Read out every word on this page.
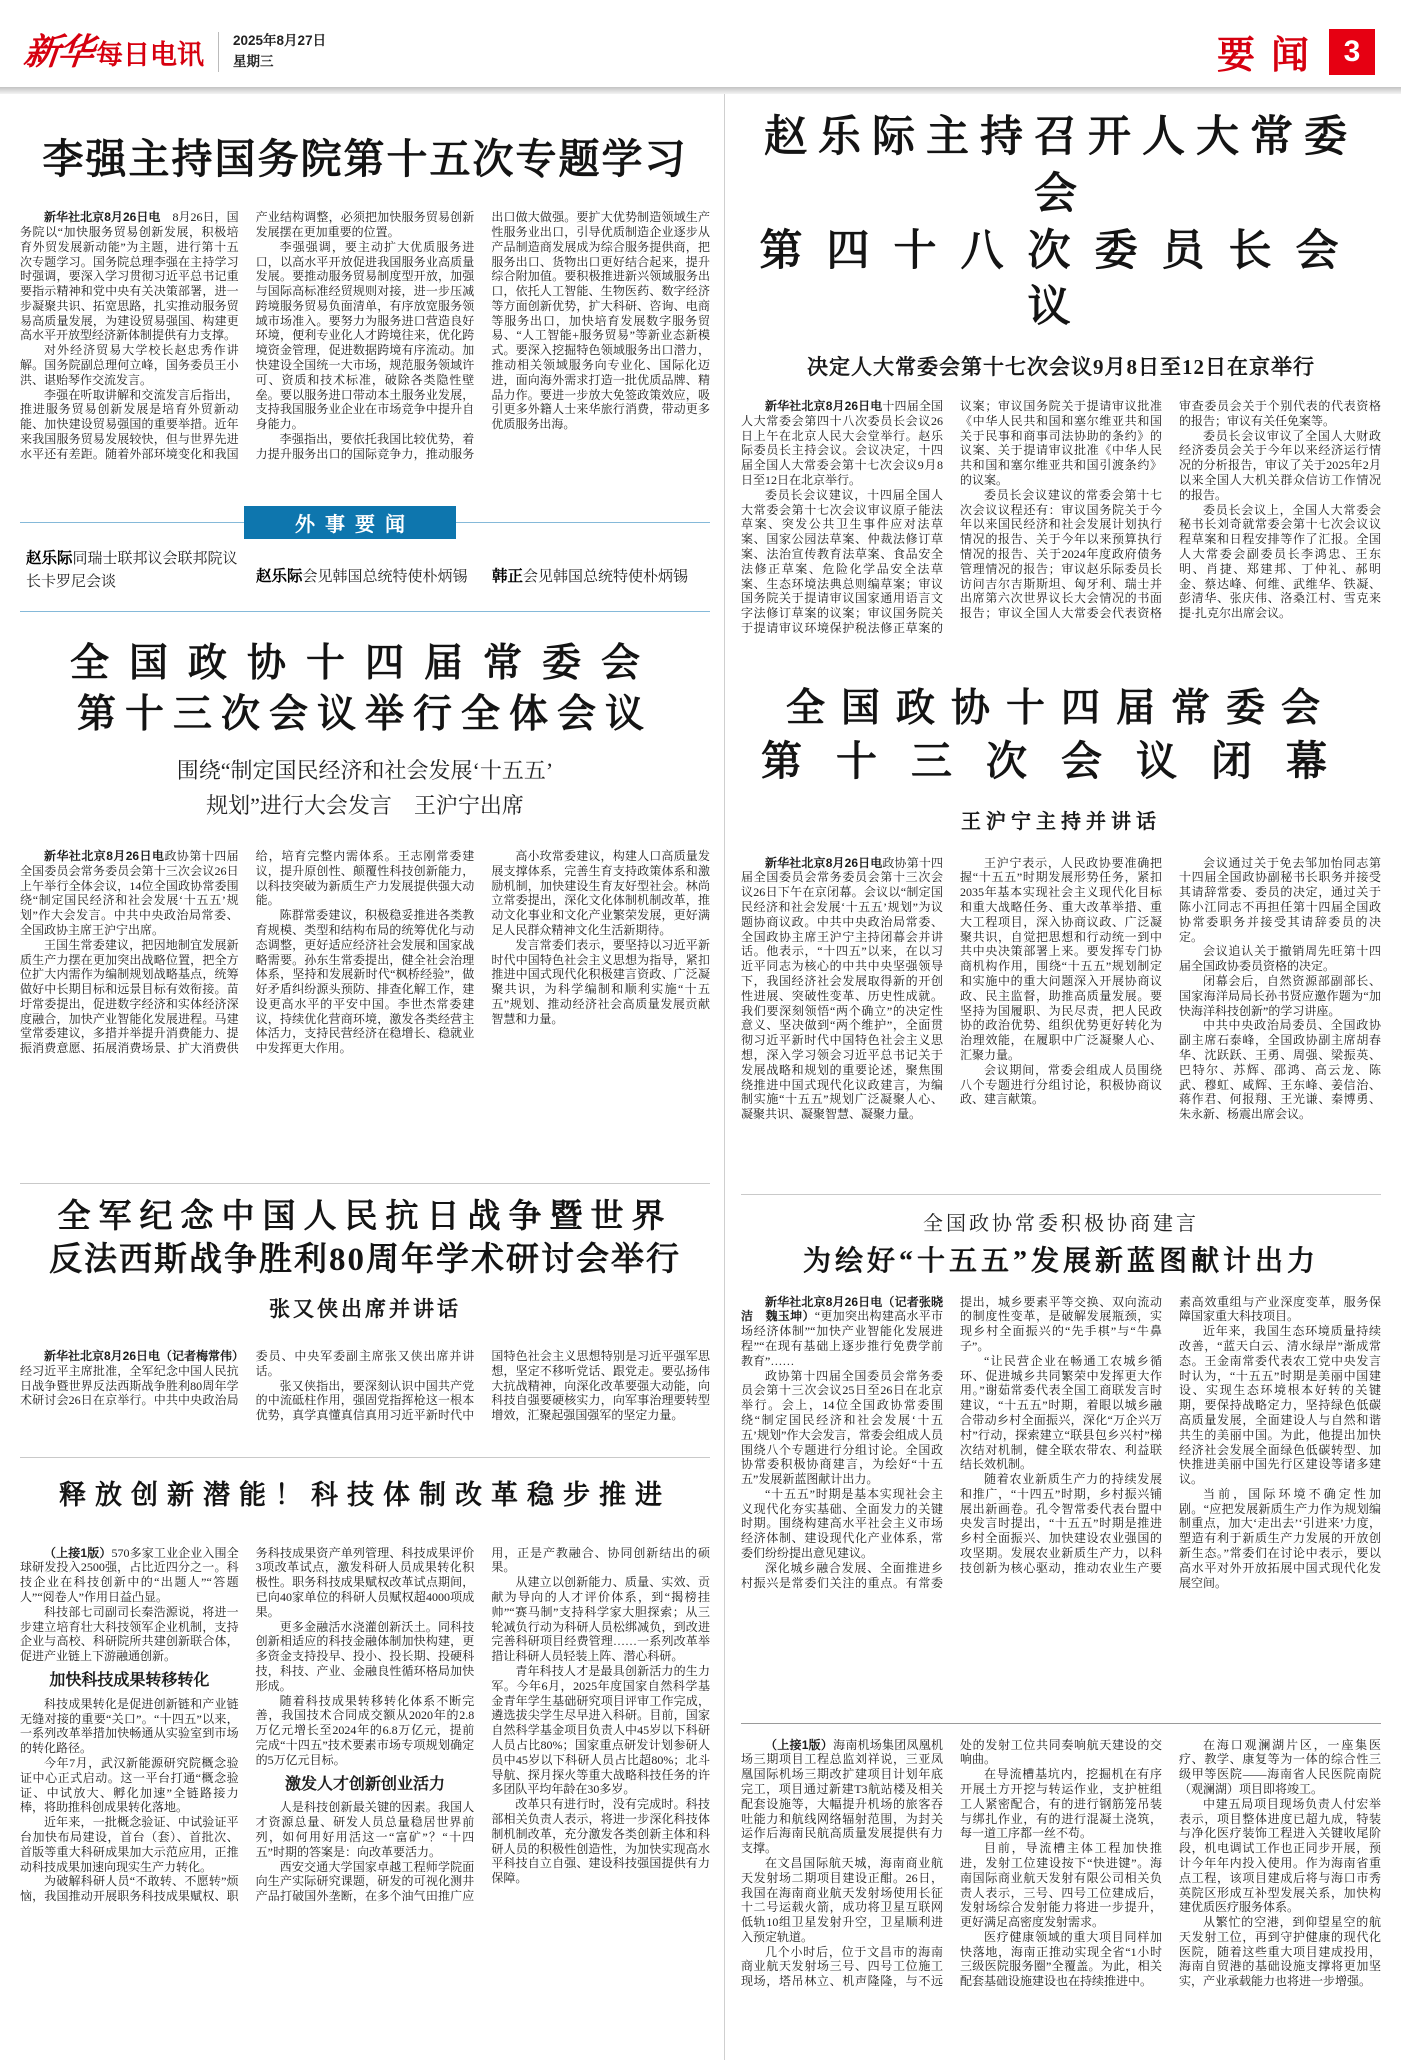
新华 每日电讯 2025年8月27日
星期三	要闻 3
李强主持国务院第十五次专题学习

新华社北京8月26日电　8月26日，国务院以“加快服务贸易创新发展，积极培育外贸发展新动能”为主题，进行第十五次专题学习。国务院总理李强在主持学习时强调，要深入学习贯彻习近平总书记重要指示精神和党中央有关决策部署，进一步凝聚共识、拓宽思路，扎实推动服务贸易高质量发展，为建设贸易强国、构建更高水平开放型经济新体制提供有力支撑。

对外经济贸易大学校长赵忠秀作讲解。国务院副总理何立峰，国务委员王小洪、谌贻琴作交流发言。

李强在听取讲解和交流发言后指出，推进服务贸易创新发展是培育外贸新动能、加快建设贸易强国的重要举措。近年来我国服务贸易发展较快，但与世界先进水平还有差距。随着外部环境变化和我国产业结构调整，必须把加快服务贸易创新发展摆在更加重要的位置。

李强强调，要主动扩大优质服务进口，以高水平开放促进我国服务业高质量发展。要推动服务贸易制度型开放，加强与国际高标准经贸规则对接，进一步压减跨境服务贸易负面清单，有序放宽服务领域市场准入。要努力为服务进口营造良好环境，便利专业化人才跨境往来，优化跨境资金管理，促进数据跨境有序流动。加快建设全国统一大市场，规范服务领域许可、资质和技术标准，破除各类隐性壁垒。要以服务进口带动本土服务业发展，支持我国服务业企业在市场竞争中提升自身能力。

李强指出，要依托我国比较优势，着力提升服务出口的国际竞争力，推动服务出口做大做强。要扩大优势制造领域生产性服务业出口，引导优质制造企业逐步从产品制造商发展成为综合服务提供商，把服务出口、货物出口更好结合起来，提升综合附加值。要积极推进新兴领域服务出口，依托人工智能、生物医药、数字经济等方面创新优势，扩大科研、咨询、电商等服务出口，加快培育发展数字服务贸易、“人工智能+服务贸易”等新业态新模式。要深入挖掘特色领域服务出口潜力，推动相关领域服务向专业化、国际化迈进，面向海外需求打造一批优质品牌、精品力作。要进一步放大免签政策效应，吸引更多外籍人士来华旅行消费，带动更多优质服务出海。

外事要闻
赵乐际同瑞士联邦议会联邦院议长卡罗尼会谈	赵乐际会见韩国总统特使朴炳锡	韩正会见韩国总统特使朴炳锡
全国政协十四届常委会
第十三次会议举行全体会议
围绕“制定国民经济和社会发展‘十五五’
规划”进行大会发言　王沪宁出席

新华社北京8月26日电政协第十四届全国委员会常务委员会第十三次会议26日上午举行全体会议，14位全国政协常委围绕“制定国民经济和社会发展‘十五五’规划”作大会发言。中共中央政治局常委、全国政协主席王沪宁出席。

王国生常委建议，把因地制宜发展新质生产力摆在更加突出战略位置，把全方位扩大内需作为编制规划战略基点，统筹做好中长期目标和远景目标有效衔接。苗圩常委提出，促进数字经济和实体经济深度融合，加快产业智能化发展进程。马建堂常委建议，多措并举提升消费能力、提振消费意愿、拓展消费场景、扩大消费供给，培育完整内需体系。王志刚常委建议，提升原创性、颠覆性科技创新能力，以科技突破为新质生产力发展提供强大动能。

陈群常委建议，积极稳妥推进各类教育规模、类型和结构布局的统筹优化与动态调整，更好适应经济社会发展和国家战略需要。孙东生常委提出，健全社会治理体系，坚持和发展新时代“枫桥经验”，做好矛盾纠纷源头预防、排查化解工作，建设更高水平的平安中国。李世杰常委建议，持续优化营商环境，激发各类经营主体活力，支持民营经济在稳增长、稳就业中发挥更大作用。

高小玫常委建议，构建人口高质量发展支撑体系，完善生育支持政策体系和激励机制，加快建设生育友好型社会。林尚立常委提出，深化文化体制机制改革，推动文化事业和文化产业繁荣发展，更好满足人民群众精神文化生活新期待。

发言常委们表示，要坚持以习近平新时代中国特色社会主义思想为指导，紧扣推进中国式现代化积极建言资政、广泛凝聚共识，为科学编制和顺利实施“十五五”规划、推动经济社会高质量发展贡献智慧和力量。

全军纪念中国人民抗日战争暨世界
反法西斯战争胜利80周年学术研讨会举行
张又侠出席并讲话

新华社北京8月26日电（记者梅常伟）经习近平主席批准，全军纪念中国人民抗日战争暨世界反法西斯战争胜利80周年学术研讨会26日在京举行。中共中央政治局委员、中央军委副主席张又侠出席并讲话。

张又侠指出，要深刻认识中国共产党的中流砥柱作用，强固党指挥枪这一根本优势，真学真懂真信真用习近平新时代中国特色社会主义思想特别是习近平强军思想，坚定不移听党话、跟党走。要弘扬伟大抗战精神，向深化改革要强大动能，向科技自强要硬核实力，向军事治理要转型增效，汇聚起强国强军的坚定力量。

释放创新潜能！科技体制改革稳步推进

（上接1版）570多家工业企业入围全球研发投入2500强，占比近四分之一。科技企业在科技创新中的“出题人”“答题人”“阅卷人”作用日益凸显。

科技部七司副司长秦浩源说，将进一步建立培育壮大科技领军企业机制，支持企业与高校、科研院所共建创新联合体，促进产业链上下游融通创新。

加快科技成果转移转化

科技成果转化是促进创新链和产业链无缝对接的重要“关口”。“十四五”以来，一系列改革举措加快畅通从实验室到市场的转化路径。

今年7月，武汉新能源研究院概念验证中心正式启动。这一平台打通“概念验证、中试放大、孵化加速”全链路接力棒，将助推科创成果转化落地。

近年来，一批概念验证、中试验证平台加快布局建设，首台（套）、首批次、首版等重大科研成果加大示范应用，正推动科技成果加速向现实生产力转化。

为破解科研人员“不敢转、不愿转”烦恼，我国推动开展职务科技成果赋权、职务科技成果资产单列管理、科技成果评价3项改革试点，激发科研人员成果转化积极性。职务科技成果赋权改革试点期间，已向40家单位的科研人员赋权超4000项成果。

更多金融活水浇灌创新沃土。同科技创新相适应的科技金融体制加快构建，更多资金支持投早、投小、投长期、投硬科技，科技、产业、金融良性循环格局加快形成。

随着科技成果转移转化体系不断完善，我国技术合同成交额从2020年的2.8万亿元增长至2024年的6.8万亿元，提前完成“十四五”技术要素市场专项规划确定的5万亿元目标。

激发人才创新创业活力

人是科技创新最关键的因素。我国人才资源总量、研发人员总量稳居世界前列，如何用好用活这一“富矿”？“十四五”时期的答案是：向改革要活力。

西安交通大学国家卓越工程师学院面向生产实际研究课题，研发的可视化测井产品打破国外垄断，在多个油气田推广应用，正是产教融合、协同创新结出的硕果。

从建立以创新能力、质量、实效、贡献为导向的人才评价体系，到“揭榜挂帅”“赛马制”支持科学家大胆探索；从三轮减负行动为科研人员松绑减负，到改进完善科研项目经费管理……一系列改革举措让科研人员轻装上阵、潜心科研。

青年科技人才是最具创新活力的生力军。今年6月，2025年度国家自然科学基金青年学生基础研究项目评审工作完成，遴选拔尖学生尽早进入科研。目前，国家自然科学基金项目负责人中45岁以下科研人员占比80%；国家重点研发计划参研人员中45岁以下科研人员占比超80%；北斗导航、探月探火等重大战略科技任务的许多团队平均年龄在30多岁。

改革只有进行时，没有完成时。科技部相关负责人表示，将进一步深化科技体制机制改革，充分激发各类创新主体和科研人员的积极性创造性，为加快实现高水平科技自立自强、建设科技强国提供有力保障。

赵乐际主持召开人大常委会
第四十八次委员长会议
决定人大常委会第十七次会议9月8日至12日在京举行

新华社北京8月26日电十四届全国人大常委会第四十八次委员长会议26日上午在北京人民大会堂举行。赵乐际委员长主持会议。会议决定，十四届全国人大常委会第十七次会议9月8日至12日在北京举行。

委员长会议建议，十四届全国人大常委会第十七次会议审议原子能法草案、突发公共卫生事件应对法草案、国家公园法草案、仲裁法修订草案、法治宣传教育法草案、食品安全法修正草案、危险化学品安全法草案、生态环境法典总则编草案；审议国务院关于提请审议国家通用语言文字法修订草案的议案；审议国务院关于提请审议环境保护税法修正草案的议案；审议国务院关于提请审议批准《中华人民共和国和塞尔维亚共和国关于民事和商事司法协助的条约》的议案、关于提请审议批准《中华人民共和国和塞尔维亚共和国引渡条约》的议案。

委员长会议建议的常委会第十七次会议议程还有：审议国务院关于今年以来国民经济和社会发展计划执行情况的报告、关于今年以来预算执行情况的报告、关于2024年度政府债务管理情况的报告；审议赵乐际委员长访问吉尔吉斯斯坦、匈牙利、瑞士并出席第六次世界议长大会情况的书面报告；审议全国人大常委会代表资格审查委员会关于个别代表的代表资格的报告；审议有关任免案等。

委员长会议审议了全国人大财政经济委员会关于今年以来经济运行情况的分析报告，审议了关于2025年2月以来全国人大机关群众信访工作情况的报告。

委员长会议上，全国人大常委会秘书长刘奇就常委会第十七次会议议程草案和日程安排等作了汇报。全国人大常委会副委员长李鸿忠、王东明、肖捷、郑建邦、丁仲礼、郝明金、蔡达峰、何维、武维华、铁凝、彭清华、张庆伟、洛桑江村、雪克来提·扎克尔出席会议。

全国政协十四届常委会
第十三次会议闭幕
王沪宁主持并讲话

新华社北京8月26日电政协第十四届全国委员会常务委员会第十三次会议26日下午在京闭幕。会议以“制定国民经济和社会发展‘十五五’规划”为议题协商议政。中共中央政治局常委、全国政协主席王沪宁主持闭幕会并讲话。他表示，“十四五”以来，在以习近平同志为核心的中共中央坚强领导下，我国经济社会发展取得新的开创性进展、突破性变革、历史性成就。我们要深刻领悟“两个确立”的决定性意义、坚决做到“两个维护”，全面贯彻习近平新时代中国特色社会主义思想，深入学习领会习近平总书记关于发展战略和规划的重要论述，聚焦围绕推进中国式现代化议政建言，为编制实施“十五五”规划广泛凝聚人心、凝聚共识、凝聚智慧、凝聚力量。

王沪宁表示，人民政协要准确把握“十五五”时期发展形势任务，紧扣2035年基本实现社会主义现代化目标和重大战略任务、重大改革举措、重大工程项目，深入协商议政、广泛凝聚共识，自觉把思想和行动统一到中共中央决策部署上来。要发挥专门协商机构作用，围绕“十五五”规划制定和实施中的重大问题深入开展协商议政、民主监督，助推高质量发展。要坚持为国履职、为民尽责，把人民政协的政治优势、组织优势更好转化为治理效能，在履职中广泛凝聚人心、汇聚力量。

会议期间，常委会组成人员围绕八个专题进行分组讨论，积极协商议政、建言献策。

会议通过关于免去邹加怡同志第十四届全国政协副秘书长职务并接受其请辞常委、委员的决定，通过关于陈小江同志不再担任第十四届全国政协常委职务并接受其请辞委员的决定。

会议追认关于撤销周先旺第十四届全国政协委员资格的决定。

闭幕会后，自然资源部副部长、国家海洋局局长孙书贤应邀作题为“加快海洋科技创新”的学习讲座。

中共中央政治局委员、全国政协副主席石泰峰，全国政协副主席胡春华、沈跃跃、王勇、周强、梁振英、巴特尔、苏辉、邵鸿、高云龙、陈武、穆虹、咸辉、王东峰、姜信治、蒋作君、何报翔、王光谦、秦博勇、朱永新、杨震出席会议。

全国政协常委积极协商建言
为绘好“十五五”发展新蓝图献计出力

新华社北京8月26日电（记者张晓洁　魏玉坤）“更加突出构建高水平市场经济体制”“加快产业智能化发展进程”“在现有基础上逐步推行免费学前教育”……

政协第十四届全国委员会常务委员会第十三次会议25日至26日在北京举行。会上，14位全国政协常委围绕“制定国民经济和社会发展‘十五五’规划”作大会发言，常委会组成人员围绕八个专题进行分组讨论。全国政协常委积极协商建言，为绘好“十五五”发展新蓝图献计出力。

“十五五”时期是基本实现社会主义现代化夯实基础、全面发力的关键时期。围绕构建高水平社会主义市场经济体制、建设现代化产业体系，常委们纷纷提出意见建议。

深化城乡融合发展、全面推进乡村振兴是常委们关注的重点。有常委提出，城乡要素平等交换、双向流动的制度性变革，是破解发展瓶颈，实现乡村全面振兴的“先手棋”与“牛鼻子”。

“让民营企业在畅通工农城乡循环、促进城乡共同繁荣中发挥更大作用。”谢茹常委代表全国工商联发言时建议，“十五五”时期，着眼以城乡融合带动乡村全面振兴，深化“万企兴万村”行动，探索建立“联县包乡兴村”梯次结对机制，健全联农带农、利益联结长效机制。

随着农业新质生产力的持续发展和推广，“十四五”时期，乡村振兴铺展出新画卷。孔令智常委代表台盟中央发言时提出，“十五五”时期是推进乡村全面振兴、加快建设农业强国的攻坚期。发展农业新质生产力，以科技创新为核心驱动，推动农业生产要素高效重组与产业深度变革，服务保障国家重大科技项目。

近年来，我国生态环境质量持续改善，“蓝天白云、清水绿岸”渐成常态。王金南常委代表农工党中央发言时认为，“十五五”时期是美丽中国建设、实现生态环境根本好转的关键期，要保持战略定力，坚持绿色低碳高质量发展，全面建设人与自然和谐共生的美丽中国。为此，他提出加快经济社会发展全面绿色低碳转型、加快推进美丽中国先行区建设等诸多建议。

当前，国际环境不确定性加剧。“应把发展新质生产力作为规划编制重点，加大‘走出去’‘引进来’力度，塑造有利于新质生产力发展的开放创新生态。”常委们在讨论中表示，要以高水平对外开放拓展中国式现代化发展空间。

（上接1版）海南机场集团凤凰机场三期项目工程总监刘祥说，三亚凤凰国际机场三期改扩建项目计划年底完工，项目通过新建T3航站楼及相关配套设施等，大幅提升机场的旅客吞吐能力和航线网络辐射范围，为封关运作后海南民航高质量发展提供有力支撑。

在文昌国际航天城，海南商业航天发射场二期项目建设正酣。26日，我国在海南商业航天发射场使用长征十二号运载火箭，成功将卫星互联网低轨10组卫星发射升空，卫星顺利进入预定轨道。

几个小时后，位于文昌市的海南商业航天发射场三号、四号工位施工现场，塔吊林立、机声隆隆，与不远处的发射工位共同奏响航天建设的交响曲。

在导流槽基坑内，挖掘机在有序开展土方开挖与转运作业，支护桩组工人紧密配合，有的进行钢筋笼吊装与绑扎作业，有的进行混凝土浇筑，每一道工序都一丝不苟。

目前，导流槽主体工程加快推进，发射工位建设按下“快进键”。海南国际商业航天发射有限公司相关负责人表示，三号、四号工位建成后，发射场综合发射能力将进一步提升，更好满足高密度发射需求。

医疗健康领域的重大项目同样加快落地，海南正推动实现全省“1小时三级医院服务圈”全覆盖。为此，相关配套基础设施建设也在持续推进中。

在海口观澜湖片区，一座集医疗、教学、康复等为一体的综合性三级甲等医院——海南省人民医院南院（观澜湖）项目即将竣工。

中建五局项目现场负责人付宏举表示，项目整体进度已超九成，特装与净化医疗装饰工程进入关键收尾阶段，机电调试工作也正同步开展，预计今年年内投入使用。作为海南省重点工程，该项目建成后将与海口市秀英院区形成互补型发展关系，加快构建优质医疗服务体系。

从繁忙的空港，到仰望星空的航天发射工位，再到守护健康的现代化医院，随着这些重大项目建成投用，海南自贸港的基础设施支撑将更加坚实，产业承载能力也将进一步增强。
